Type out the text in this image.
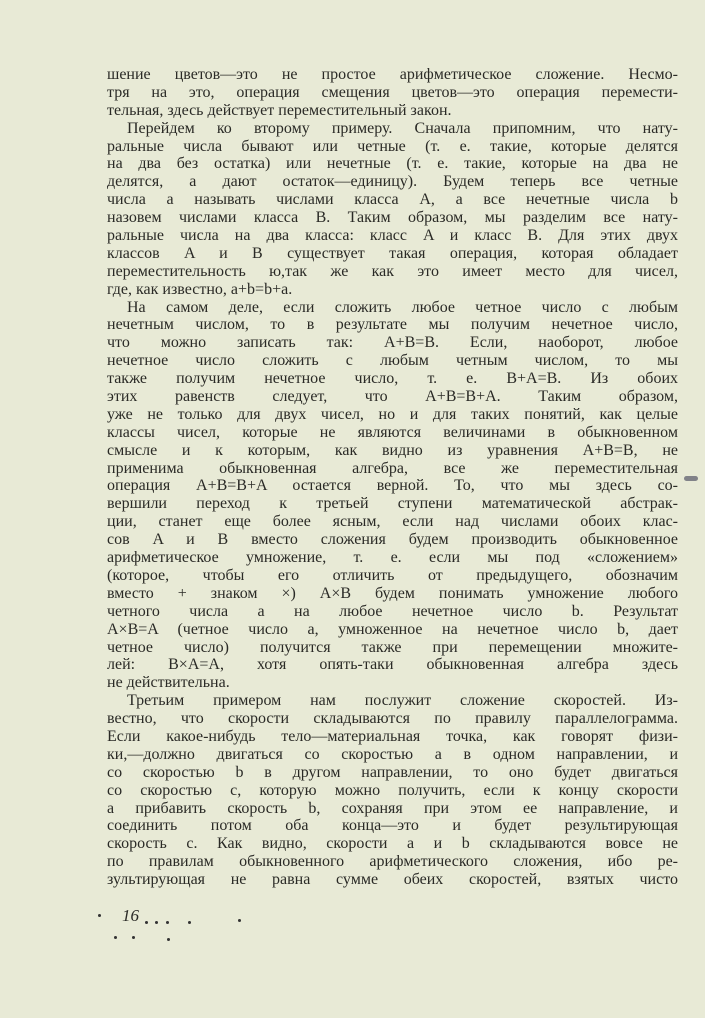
шение цветов—это не простое арифметическое сложение. Несмо-
тря на это, операция смещения цветов—это операция перемести-
тельная, здесь действует переместительный закон.
Перейдем ко второму примеру. Сначала припомним, что нату-
ральные числа бывают или четные (т. е. такие, которые делятся
на два без остатка) или нечетные (т. е. такие, которые на два не
делятся, а дают остаток—единицу). Будем теперь все четные
числа a называть числами класса A, а все нечетные числа b
назовем числами класса B. Таким образом, мы разделим все нату-
ральные числа на два класса: класс A и класс B. Для этих двух
классов A и B существует такая операция, которая обладает
переместительность ю,так же как это имеет место для чисел,
где, как известно, a+b=b+a.
На самом деле, если сложить любое четное число с любым
нечетным числом, то в результате мы получим нечетное число,
что можно записать так: A+B=B. Если, наоборот, любое
нечетное число сложить с любым четным числом, то мы
также получим нечетное число, т. е. B+A=B. Из обоих
этих равенств следует, что A+B=B+A. Таким образом,
уже не только для двух чисел, но и для таких понятий, как целые
классы чисел, которые не являются величинами в обыкновенном
смысле и к которым, как видно из уравнения A+B=B, не
применима обыкновенная алгебра, все же переместительная
операция A+B=B+A остается верной. То, что мы здесь со-
вершили переход к третьей ступени математической абстрак-
ции, станет еще более ясным, если над числами обоих клас-
сов A и B вместо сложения будем производить обыкновенное
арифметическое умножение, т. е. если мы под «сложением»
(которое, чтобы его отличить от предыдущего, обозначим
вместо + знаком ×) A×B будем понимать умножение любого
четного числа a на любое нечетное число b. Результат
A×B=A (четное число a, умноженное на нечетное число b, дает
четное число) получится также при перемещении множите-
лей: B×A=A, хотя опять-таки обыкновенная алгебра здесь
не действительна.
Третьим примером нам послужит сложение скоростей. Из-
вестно, что скорости складываются по правилу параллелограмма.
Если какое-нибудь тело—материальная точка, как говорят физи-
ки,—должно двигаться со скоростью a в одном направлении, и
со скоростью b в другом направлении, то оно будет двигаться
со скоростью c, которую можно получить, если к концу скорости
a прибавить скорость b, сохраняя при этом ее направление, и
соединить потом оба конца—это и будет результирующая
скорость c. Как видно, скорости a и b складываются вовсе не
по правилам обыкновенного арифметического сложения, ибо ре-
зультирующая не равна сумме обеих скоростей, взятых чисто
16
